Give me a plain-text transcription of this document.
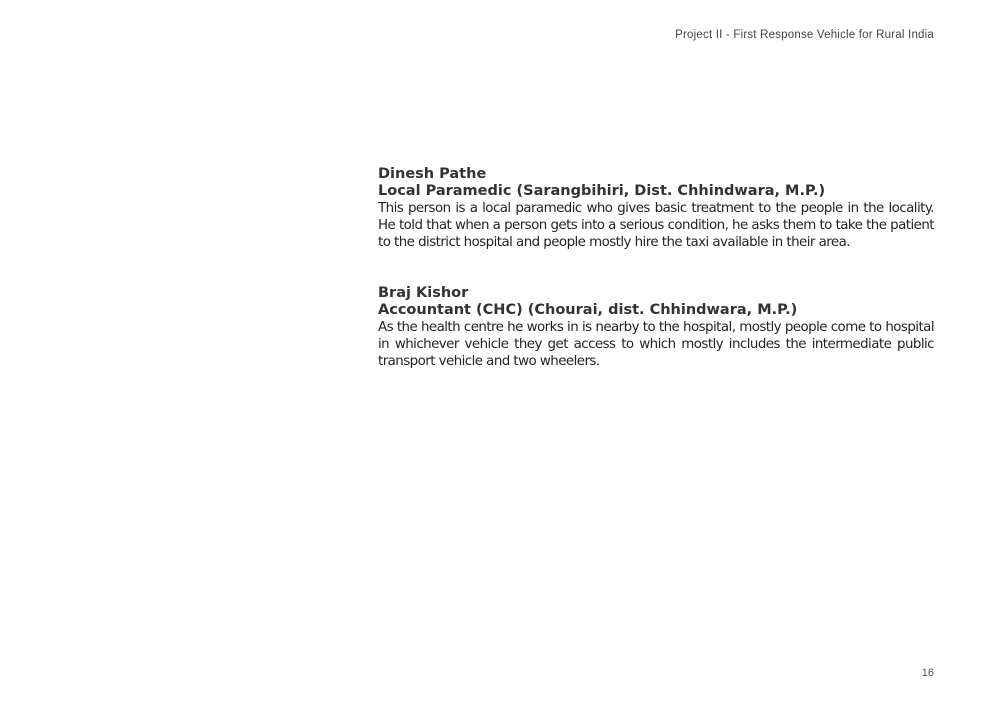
Project II - First Response Vehicle for Rural India

Dinesh Pathe

Local Paramedic (Sarangbihiri, Dist. Chhindwara, M.P.)

This person is a local paramedic who gives basic treatment to the people in the locality. He told that when a person gets into a serious condition, he asks them to take the patient to the district hospital and people mostly hire the taxi available in their area.

Braj Kishor

Accountant (CHC) (Chourai, dist. Chhindwara, M.P.)

As the health centre he works in is nearby to the hospital, mostly people come to hospital in whichever vehicle they get access to which mostly includes the intermediate public transport vehicle and two wheelers.

16
